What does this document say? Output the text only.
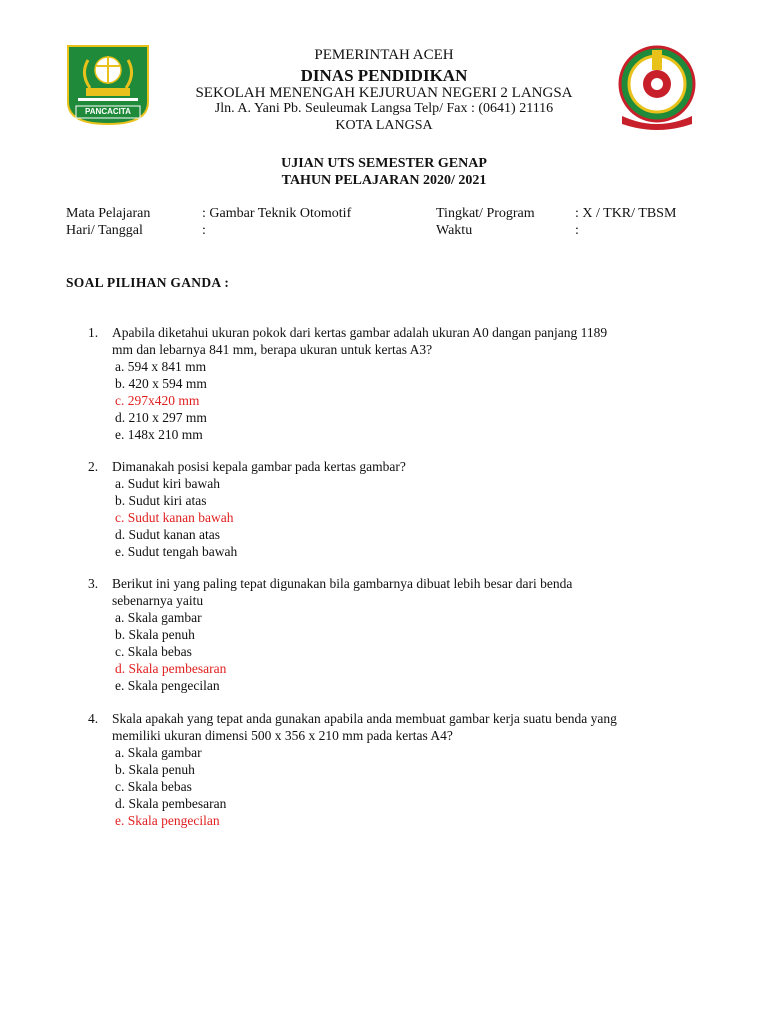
PANCACITA
PEMERINTAH ACEH
DINAS PENDIDIKAN
SEKOLAH MENENGAH KEJURUAN NEGERI 2 LANGSA
Jln. A. Yani Pb. Seuleumak Langsa Telp/ Fax : (0641) 21116
KOTA LANGSA
UJIAN UTS SEMESTER GENAP
TAHUN PELAJARAN 2020/ 2021
Mata Pelajaran	: Gambar Teknik Otomotif	Tingkat/ Program	: X / TKR/ TBSM
Hari/ Tanggal	:	Waktu	:
SOAL PILIHAN GANDA :
1.	Apabila diketahui ukuran pokok dari kertas gambar adalah ukuran A0 dangan panjang 1189
mm dan lebarnya 841 mm, berapa ukuran untuk kertas A3?
a. 594 x 841 mm
b. 420 x 594 mm
c. 297x420 mm
d. 210 x 297 mm
e. 148x 210 mm
2.	Dimanakah posisi kepala gambar pada kertas gambar?
a. Sudut kiri bawah
b. Sudut kiri atas
c. Sudut kanan bawah
d. Sudut kanan atas
e. Sudut tengah bawah
3.	Berikut ini yang paling tepat digunakan bila gambarnya dibuat lebih besar dari benda
sebenarnya yaitu
a. Skala gambar
b. Skala penuh
c. Skala bebas
d. Skala pembesaran
e. Skala pengecilan
4.	Skala apakah yang tepat anda gunakan apabila anda membuat gambar kerja suatu benda yang
memiliki ukuran dimensi 500 x 356 x 210 mm pada kertas A4?
a. Skala gambar
b. Skala penuh
c. Skala bebas
d. Skala pembesaran
e. Skala pengecilan
